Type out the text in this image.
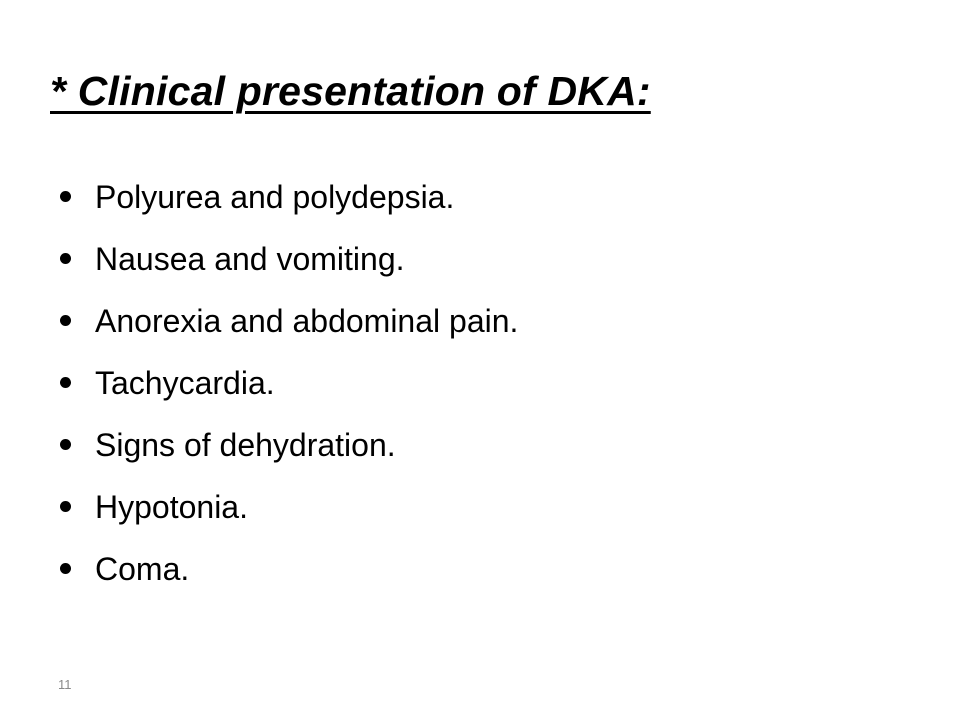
* Clinical presentation of DKA:
Polyurea and polydepsia.
Nausea and vomiting.
Anorexia and abdominal pain.
Tachycardia.
Signs of dehydration.
Hypotonia.
Coma.
11
